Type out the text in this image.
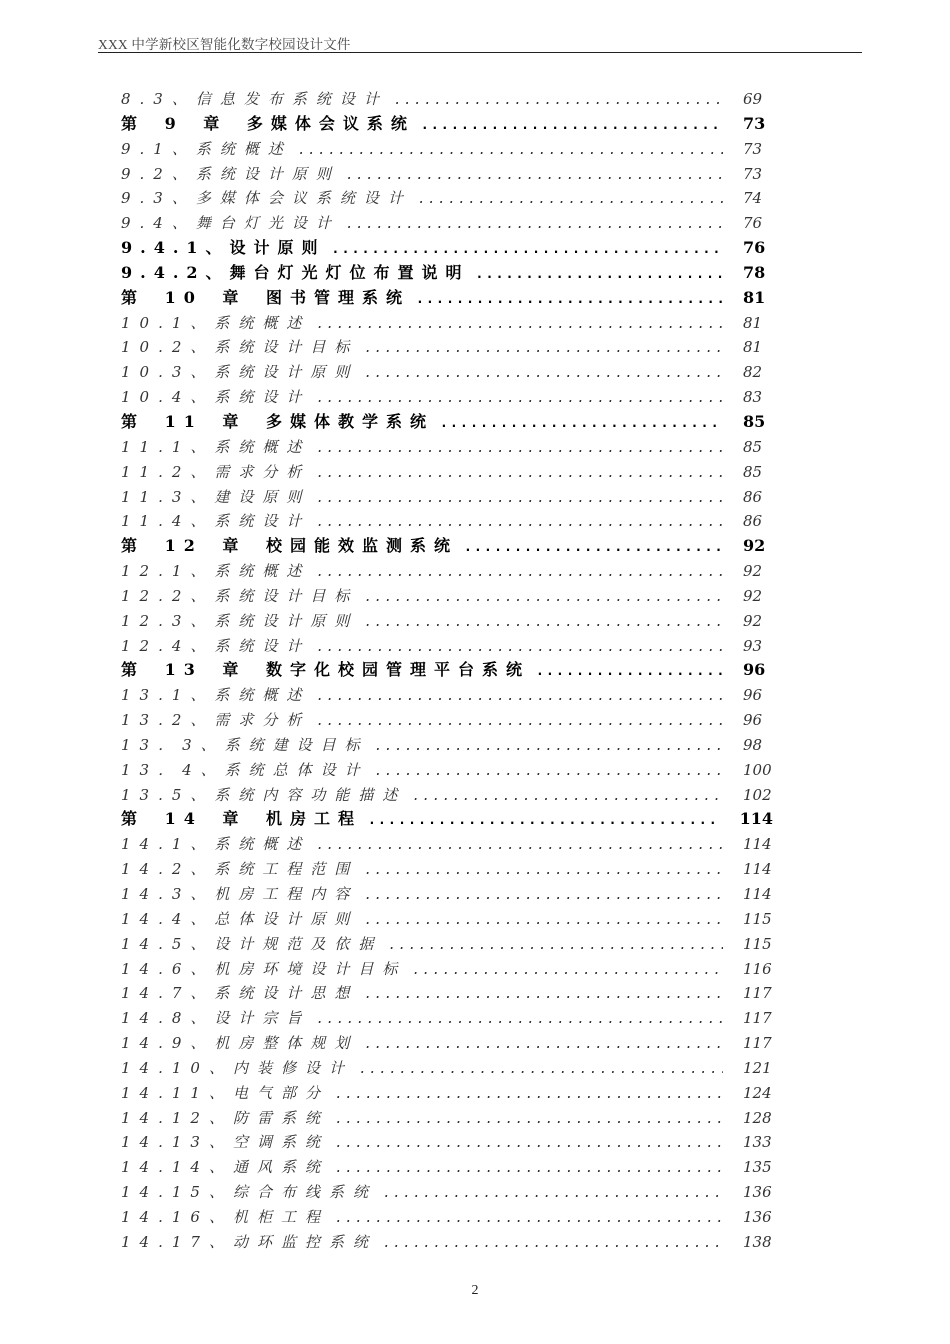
XXX 中学新校区智能化数字校园设计文件
8.3、信息发布系统设计 .....	69
第 9 章 多媒体会议系统 .....	73
9.1、系统概述 .....	73
9.2、系统设计原则 .....	73
9.3、多媒体会议系统设计 .....	74
9.4、舞台灯光设计 .....	76
9.4.1、设计原则 .....	76
9.4.2、舞台灯光灯位布置说明 .....	78
第 10 章 图书管理系统 .....	81
10.1、系统概述 .....	81
10.2、系统设计目标 .....	81
10.3、系统设计原则 .....	82
10.4、系统设计 .....	83
第 11 章 多媒体教学系统 .....	85
11.1、系统概述 .....	85
11.2、需求分析 .....	85
11.3、建设原则 .....	86
11.4、系统设计 .....	86
第 12 章 校园能效监测系统 .....	92
12.1、系统概述 .....	92
12.2、系统设计目标 .....	92
12.3、系统设计原则 .....	92
12.4、系统设计 .....	93
第 13 章 数字化校园管理平台系统 .....	96
13.1、系统概述 .....	96
13.2、需求分析 .....	96
13．3、系统建设目标 .....	98
13．4、系统总体设计 .....	100
13.5、系统内容功能描述 .....	102
第 14 章 机房工程 .....	114
14.1、系统概述 .....	114
14.2、系统工程范围 .....	114
14.3、机房工程内容 .....	114
14.4、总体设计原则 .....	115
14.5、设计规范及依据 .....	115
14.6、机房环境设计目标 .....	116
14.7、系统设计思想 .....	117
14.8、设计宗旨 .....	117
14.9、机房整体规划 .....	117
14.10、内装修设计 .....	121
14.11、电气部分 .....	124
14.12、防雷系统 .....	128
14.13、空调系统 .....	133
14.14、通风系统 .....	135
14.15、综合布线系统 .....	136
14.16、机柜工程 .....	136
14.17、动环监控系统 .....	138
2
